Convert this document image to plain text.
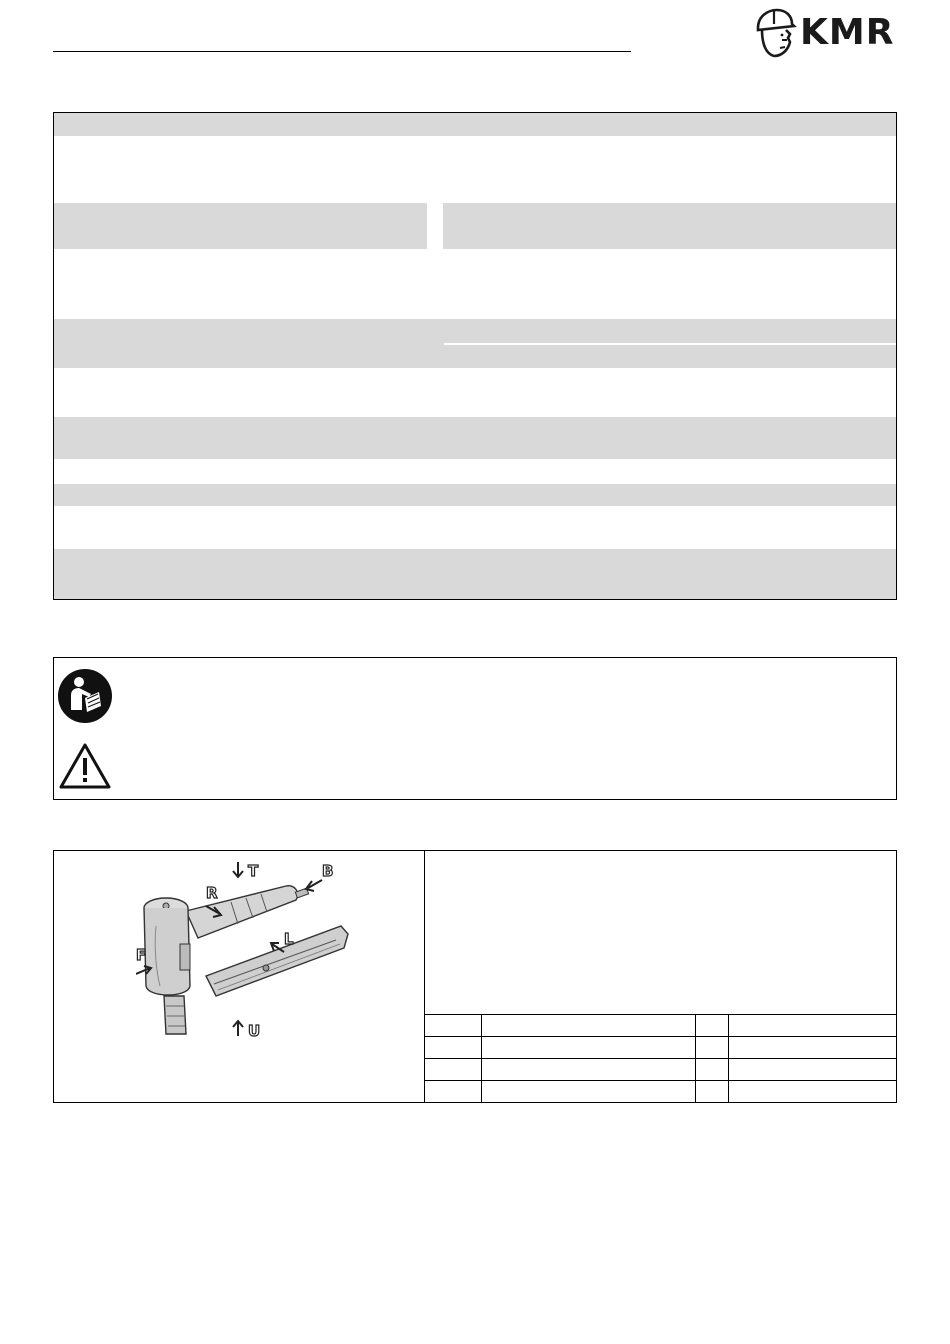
KMR
T	B
R
F
L
U
